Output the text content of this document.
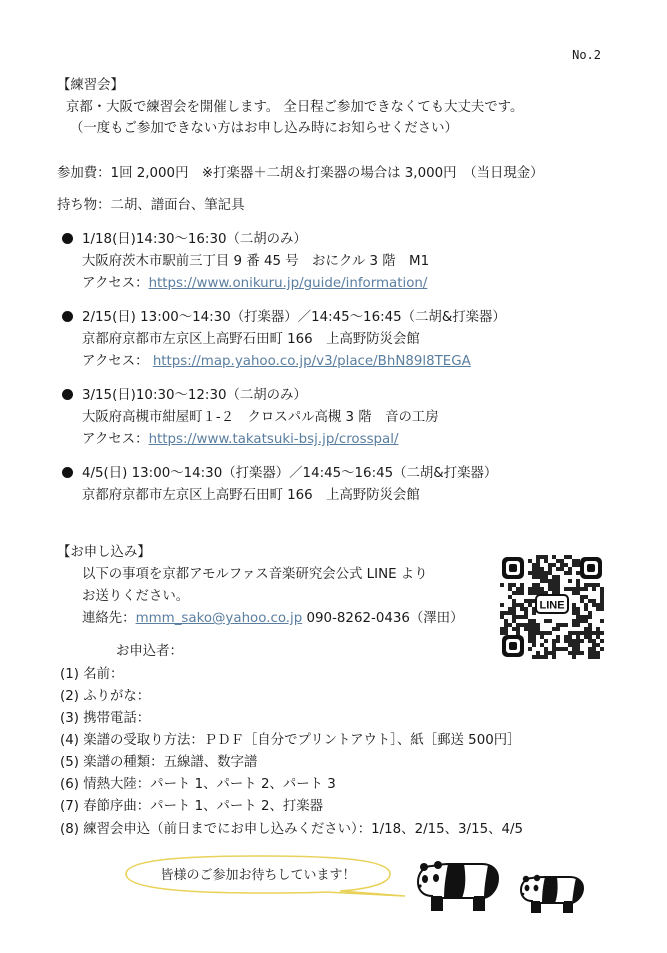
No.2
【練習会】
京都・大阪で練習会を開催します。 全日程ご参加できなくても大丈夫です。
（一度もご参加できない方はお申し込み時にお知らせください）
参加費：1回 2,000円　※打楽器＋二胡＆打楽器の場合は 3,000円　（当日現金）
持ち物：二胡、譜面台、筆記具
1/18(日)14:30～16:30（二胡のみ）
大阪府茨木市駅前三丁目 9 番 45 号　おにクル 3 階　M1
アクセス：https://www.onikuru.jp/guide/information/
2/15(日) 13:00～14:30（打楽器）／14:45～16:45（二胡&打楽器）
京都府京都市左京区上高野石田町 166　上高野防災会館
アクセス： https://map.yahoo.co.jp/v3/place/BhN89l8TEGA
3/15(日)10:30～12:30（二胡のみ）
大阪府高槻市紺屋町１-２　クロスパル高槻 3 階　音の工房
アクセス：https://www.takatsuki-bsj.jp/crosspal/
4/5(日) 13:00～14:30（打楽器）／14:45～16:45（二胡&打楽器）
京都府京都市左京区上高野石田町 166　上高野防災会館
【お申し込み】
以下の事項を京都アモルファス音楽研究会公式 LINE より
お送りください。
連絡先：mmm_sako@yahoo.co.jp 090-8262-0436（澤田）
お申込者：
(1) 名前：
(2) ふりがな：
(3) 携帯電話：
(4) 楽譜の受取り方法：ＰＤＦ［自分でプリントアウト］、紙［郵送 500円］
(5) 楽譜の種類：五線譜、数字譜
(6) 情熱大陸：パート 1、パート 2、パート 3
(7) 春節序曲：パート 1、パート 2、打楽器
(8) 練習会申込（前日までにお申し込みください）：1/18、2/15、3/15、4/5
LINE
皆様のご参加お待ちしています！
